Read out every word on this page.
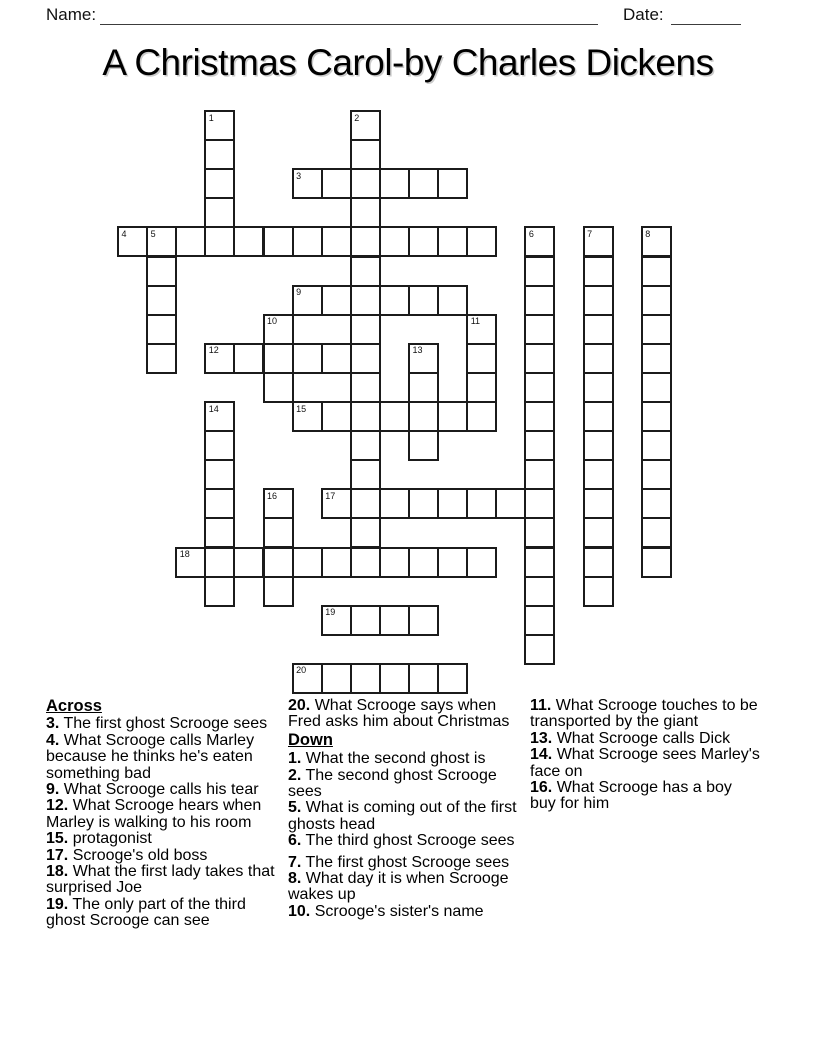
Name:	Date:
A Christmas Carol-by Charles Dickens
1	2
3
4	5	6	7	8
9
10	11
12	13
14	15
16	17
18
19
20
Across
3. The first ghost Scrooge sees
4. What Scrooge calls Marley because he thinks he's eaten something bad
9. What Scrooge calls his tear
12. What Scrooge hears when Marley is walking to his room
15. protagonist
17. Scrooge's old boss
18. What the first lady takes that surprised Joe
19. The only part of the third ghost Scrooge can see
20. What Scrooge says when Fred asks him about Christmas
Down
1. What the second ghost is
2. The second ghost Scrooge sees
5. What is coming out of the first ghosts head
6. The third ghost Scrooge sees
7. The first ghost Scrooge sees
8. What day it is when Scrooge wakes up
10. Scrooge's sister's name
11. What Scrooge touches to be transported by the giant
13. What Scrooge calls Dick
14. What Scrooge sees Marley's face on
16. What Scrooge has a boy buy for him
